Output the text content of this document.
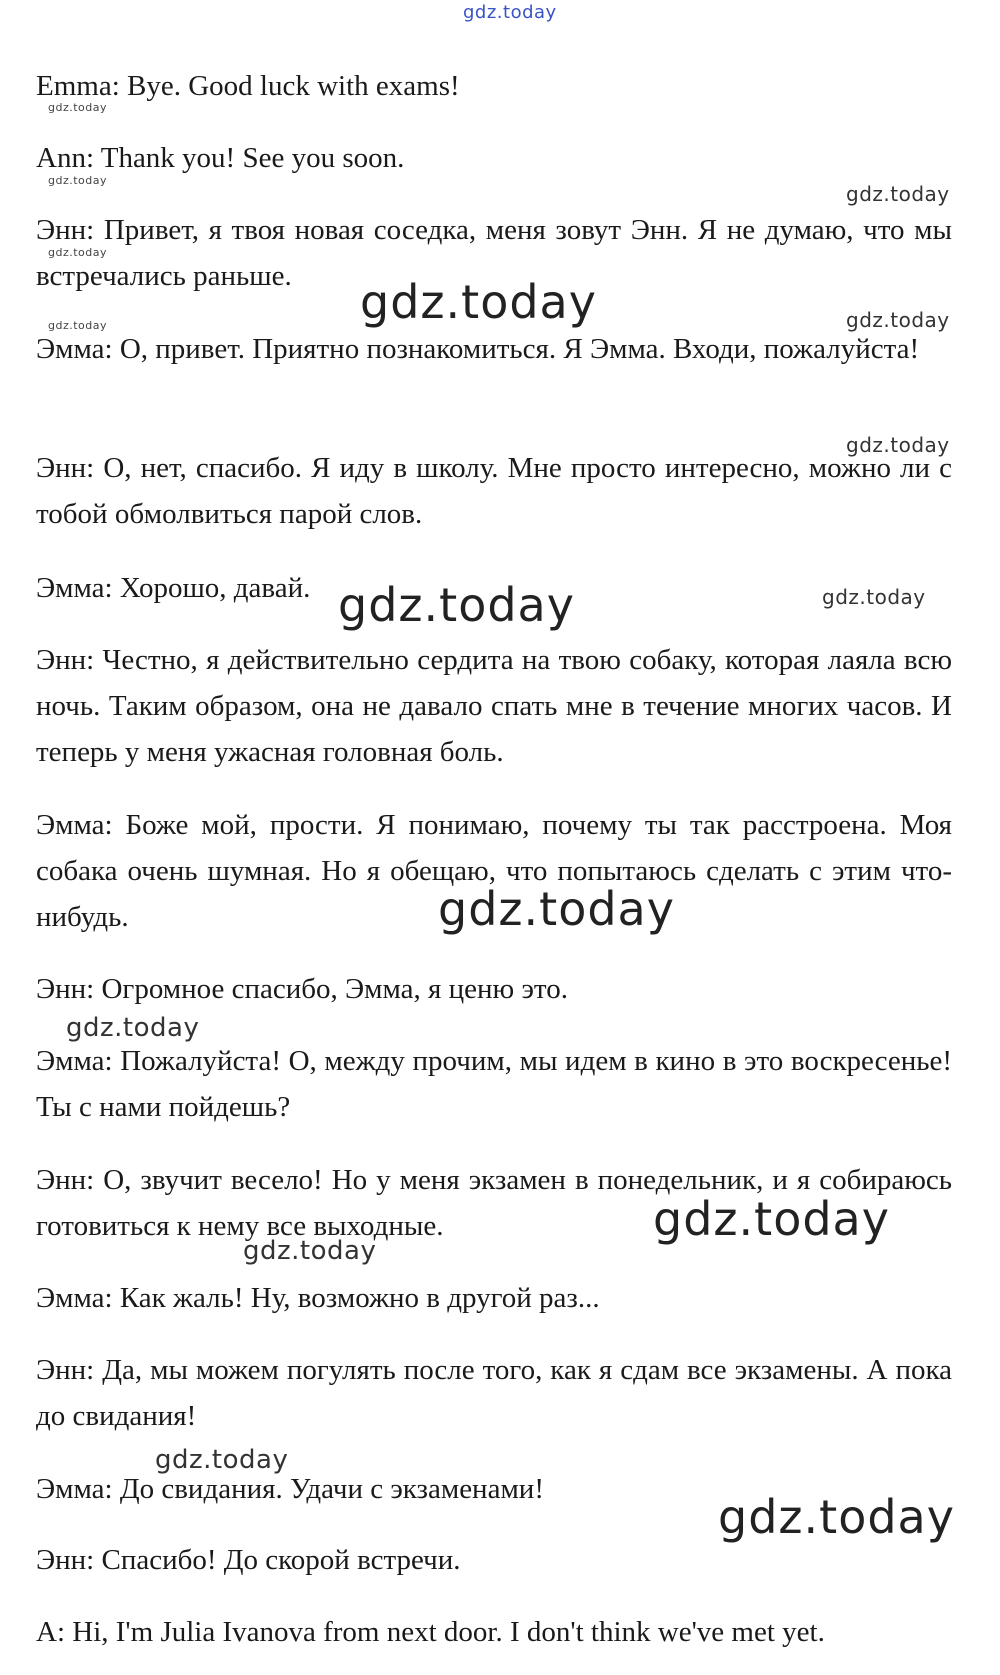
gdz.today
gdz.today
gdz.today
gdz.today
gdz.today
gdz.today
gdz.today
gdz.today
gdz.today
gdz.today
gdz.today
gdz.today
gdz.today
gdz.today
gdz.today
gdz.today
gdz.today

Emma: Bye. Good luck with exams!

Ann: Thank you! See you soon.

Энн: Привет, я твоя новая соседка, меня зовут Энн. Я не думаю, что мы встречались раньше.

Эмма: О, привет. Приятно познакомиться. Я Эмма. Входи, пожалуйста!

Энн: О, нет, спасибо. Я иду в школу. Мне просто интересно, можно ли с тобой обмолвиться парой слов.

Эмма: Хорошо, давай.

Энн: Честно, я действительно сердита на твою собаку, которая лаяла всю ночь. Таким образом, она не давало спать мне в течение многих часов. И теперь у меня ужасная головная боль.

Эмма: Боже мой, прости. Я понимаю, почему ты так расстроена. Моя собака очень шумная. Но я обещаю, что попытаюсь сделать с этим что-нибудь.

Энн: Огромное спасибо, Эмма, я ценю это.

Эмма: Пожалуйста! О, между прочим, мы идем в кино в это воскресенье! Ты с нами пойдешь?

Энн: О, звучит весело! Но у меня экзамен в понедельник, и я собираюсь готовиться к нему все выходные.

Эмма: Как жаль! Ну, возможно в другой раз...

Энн: Да, мы можем погулять после того, как я сдам все экзамены. А пока до свидания!

Эмма: До свидания. Удачи с экзаменами!

Энн: Спасибо! До скорой встречи.

A: Hi, I'm Julia Ivanova from next door. I don't think we've met yet.
